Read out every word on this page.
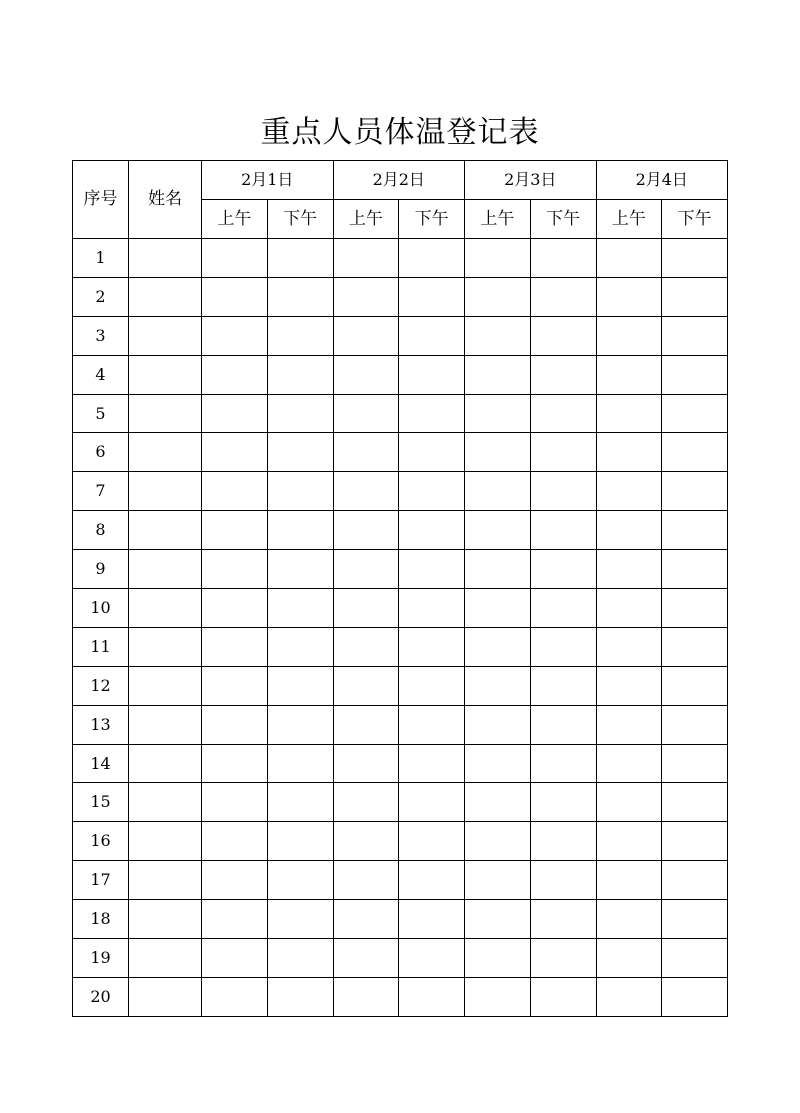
重点人员体温登记表
序号	姓名	2月1日		2月2日		2月3日		2月4日	
		上午	下午	上午	下午	上午	下午	上午	下午
1									
2									
3									
4									
5									
6									
7									
8									
9									
10									
11									
12									
13									
14									
15									
16									
17									
18									
19									
20									
